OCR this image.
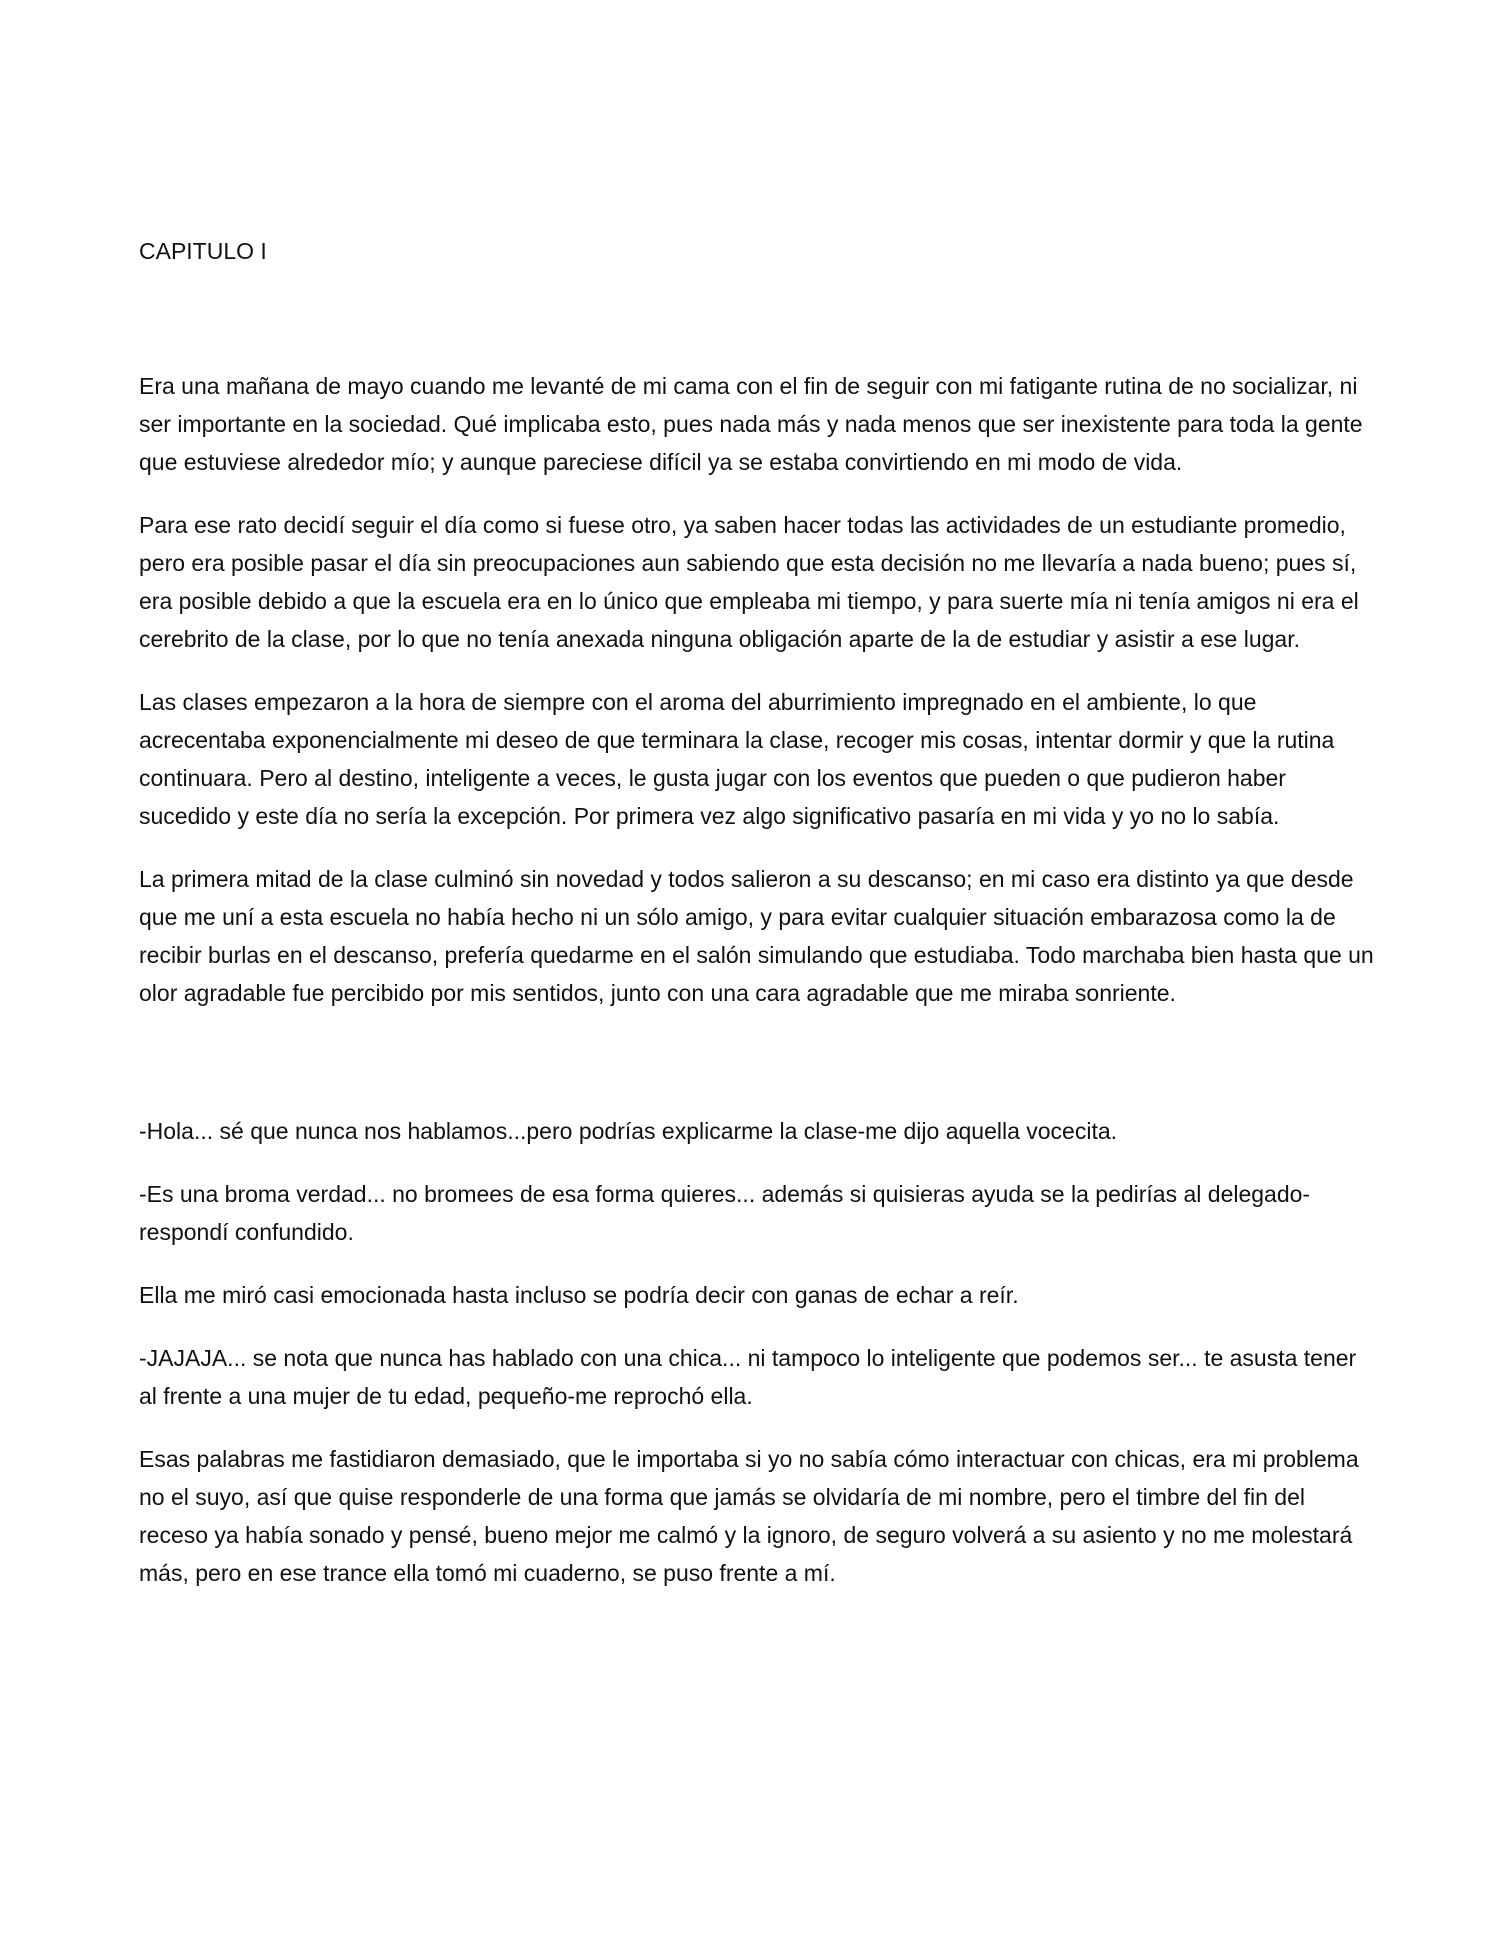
CAPITULO I

Era una mañana de mayo cuando me levanté de mi cama con el fin de seguir con mi fatigante rutina de no socializar, ni ser importante en la sociedad. Qué implicaba esto, pues nada más y nada menos que ser inexistente para toda la gente que estuviese alrededor mío; y aunque pareciese difícil ya se estaba convirtiendo en mi modo de vida.

Para ese rato decidí seguir el día como si fuese otro, ya saben hacer todas las actividades de un estudiante promedio, pero era posible pasar el día sin preocupaciones aun sabiendo que esta decisión no me llevaría a nada bueno; pues sí, era posible debido a que la escuela era en lo único que empleaba mi tiempo, y para suerte mía ni tenía amigos ni era el cerebrito de la clase, por lo que no tenía anexada ninguna obligación aparte de la de estudiar y asistir a ese lugar.

Las clases empezaron a la hora de siempre con el aroma del aburrimiento impregnado en el ambiente, lo que acrecentaba exponencialmente mi deseo de que terminara la clase, recoger mis cosas, intentar dormir y que la rutina continuara. Pero al destino, inteligente a veces, le gusta jugar con los eventos que pueden o que pudieron haber sucedido y este día no sería la excepción. Por primera vez algo significativo pasaría en mi vida y yo no lo sabía.

La primera mitad de la clase culminó sin novedad y todos salieron a su descanso; en mi caso era distinto ya que desde que me uní a esta escuela no había hecho ni un sólo amigo, y para evitar cualquier situación embarazosa como la de recibir burlas en el descanso, prefería quedarme en el salón simulando que estudiaba. Todo marchaba bien hasta que un olor agradable fue percibido por mis sentidos, junto con una cara agradable que me miraba sonriente.

-Hola... sé que nunca nos hablamos...pero podrías explicarme la clase-me dijo aquella vocecita.

-Es una broma verdad... no bromees de esa forma quieres... además si quisieras ayuda se la pedirías al delegado-respondí confundido.

Ella me miró casi emocionada hasta incluso se podría decir con ganas de echar a reír.

-JAJAJA... se nota que nunca has hablado con una chica... ni tampoco lo inteligente que podemos ser... te asusta tener al frente a una mujer de tu edad, pequeño-me reprochó ella.

Esas palabras me fastidiaron demasiado, que le importaba si yo no sabía cómo interactuar con chicas, era mi problema no el suyo, así que quise responderle de una forma que jamás se olvidaría de mi nombre, pero el timbre del fin del receso ya había sonado y pensé, bueno mejor me calmó y la ignoro, de seguro volverá a su asiento y no me molestará más, pero en ese trance ella tomó mi cuaderno, se puso frente a mí.
